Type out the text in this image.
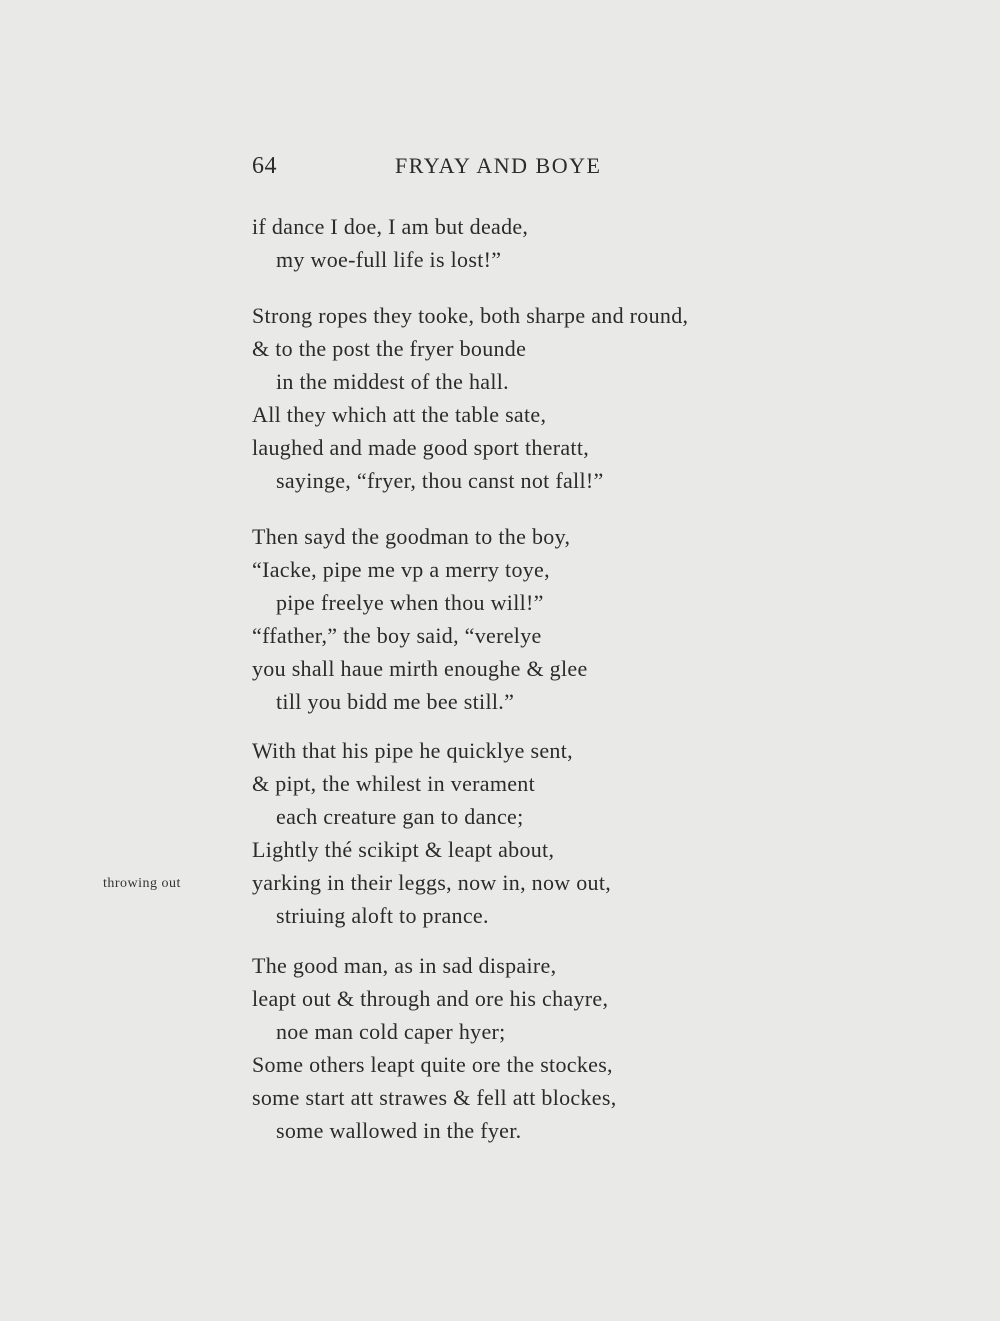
64	FRYAY AND BOYE
throwing out
if dance I doe, I am but deade,
my woe-full life is lost!”
Strong ropes they tooke, both sharpe and round,
& to the post the fryer bounde
in the middest of the hall.
All they which att the table sate,
laughed and made good sport theratt,
sayinge, “fryer, thou canst not fall!”
Then sayd the goodman to the boy,
“Iacke, pipe me vp a merry toye,
pipe freelye when thou will!”
“ffather,” the boy said, “verelye
you shall haue mirth enoughe & glee
till you bidd me bee still.”
With that his pipe he quicklye sent,
& pipt, the whilest in verament
each creature gan to dance;
Lightly thé scikipt & leapt about,
yarking in their leggs, now in, now out,
striuing aloft to prance.
The good man, as in sad dispaire,
leapt out & through and ore his chayre,
noe man cold caper hyer;
Some others leapt quite ore the stockes,
some start att strawes & fell att blockes,
some wallowed in the fyer.
